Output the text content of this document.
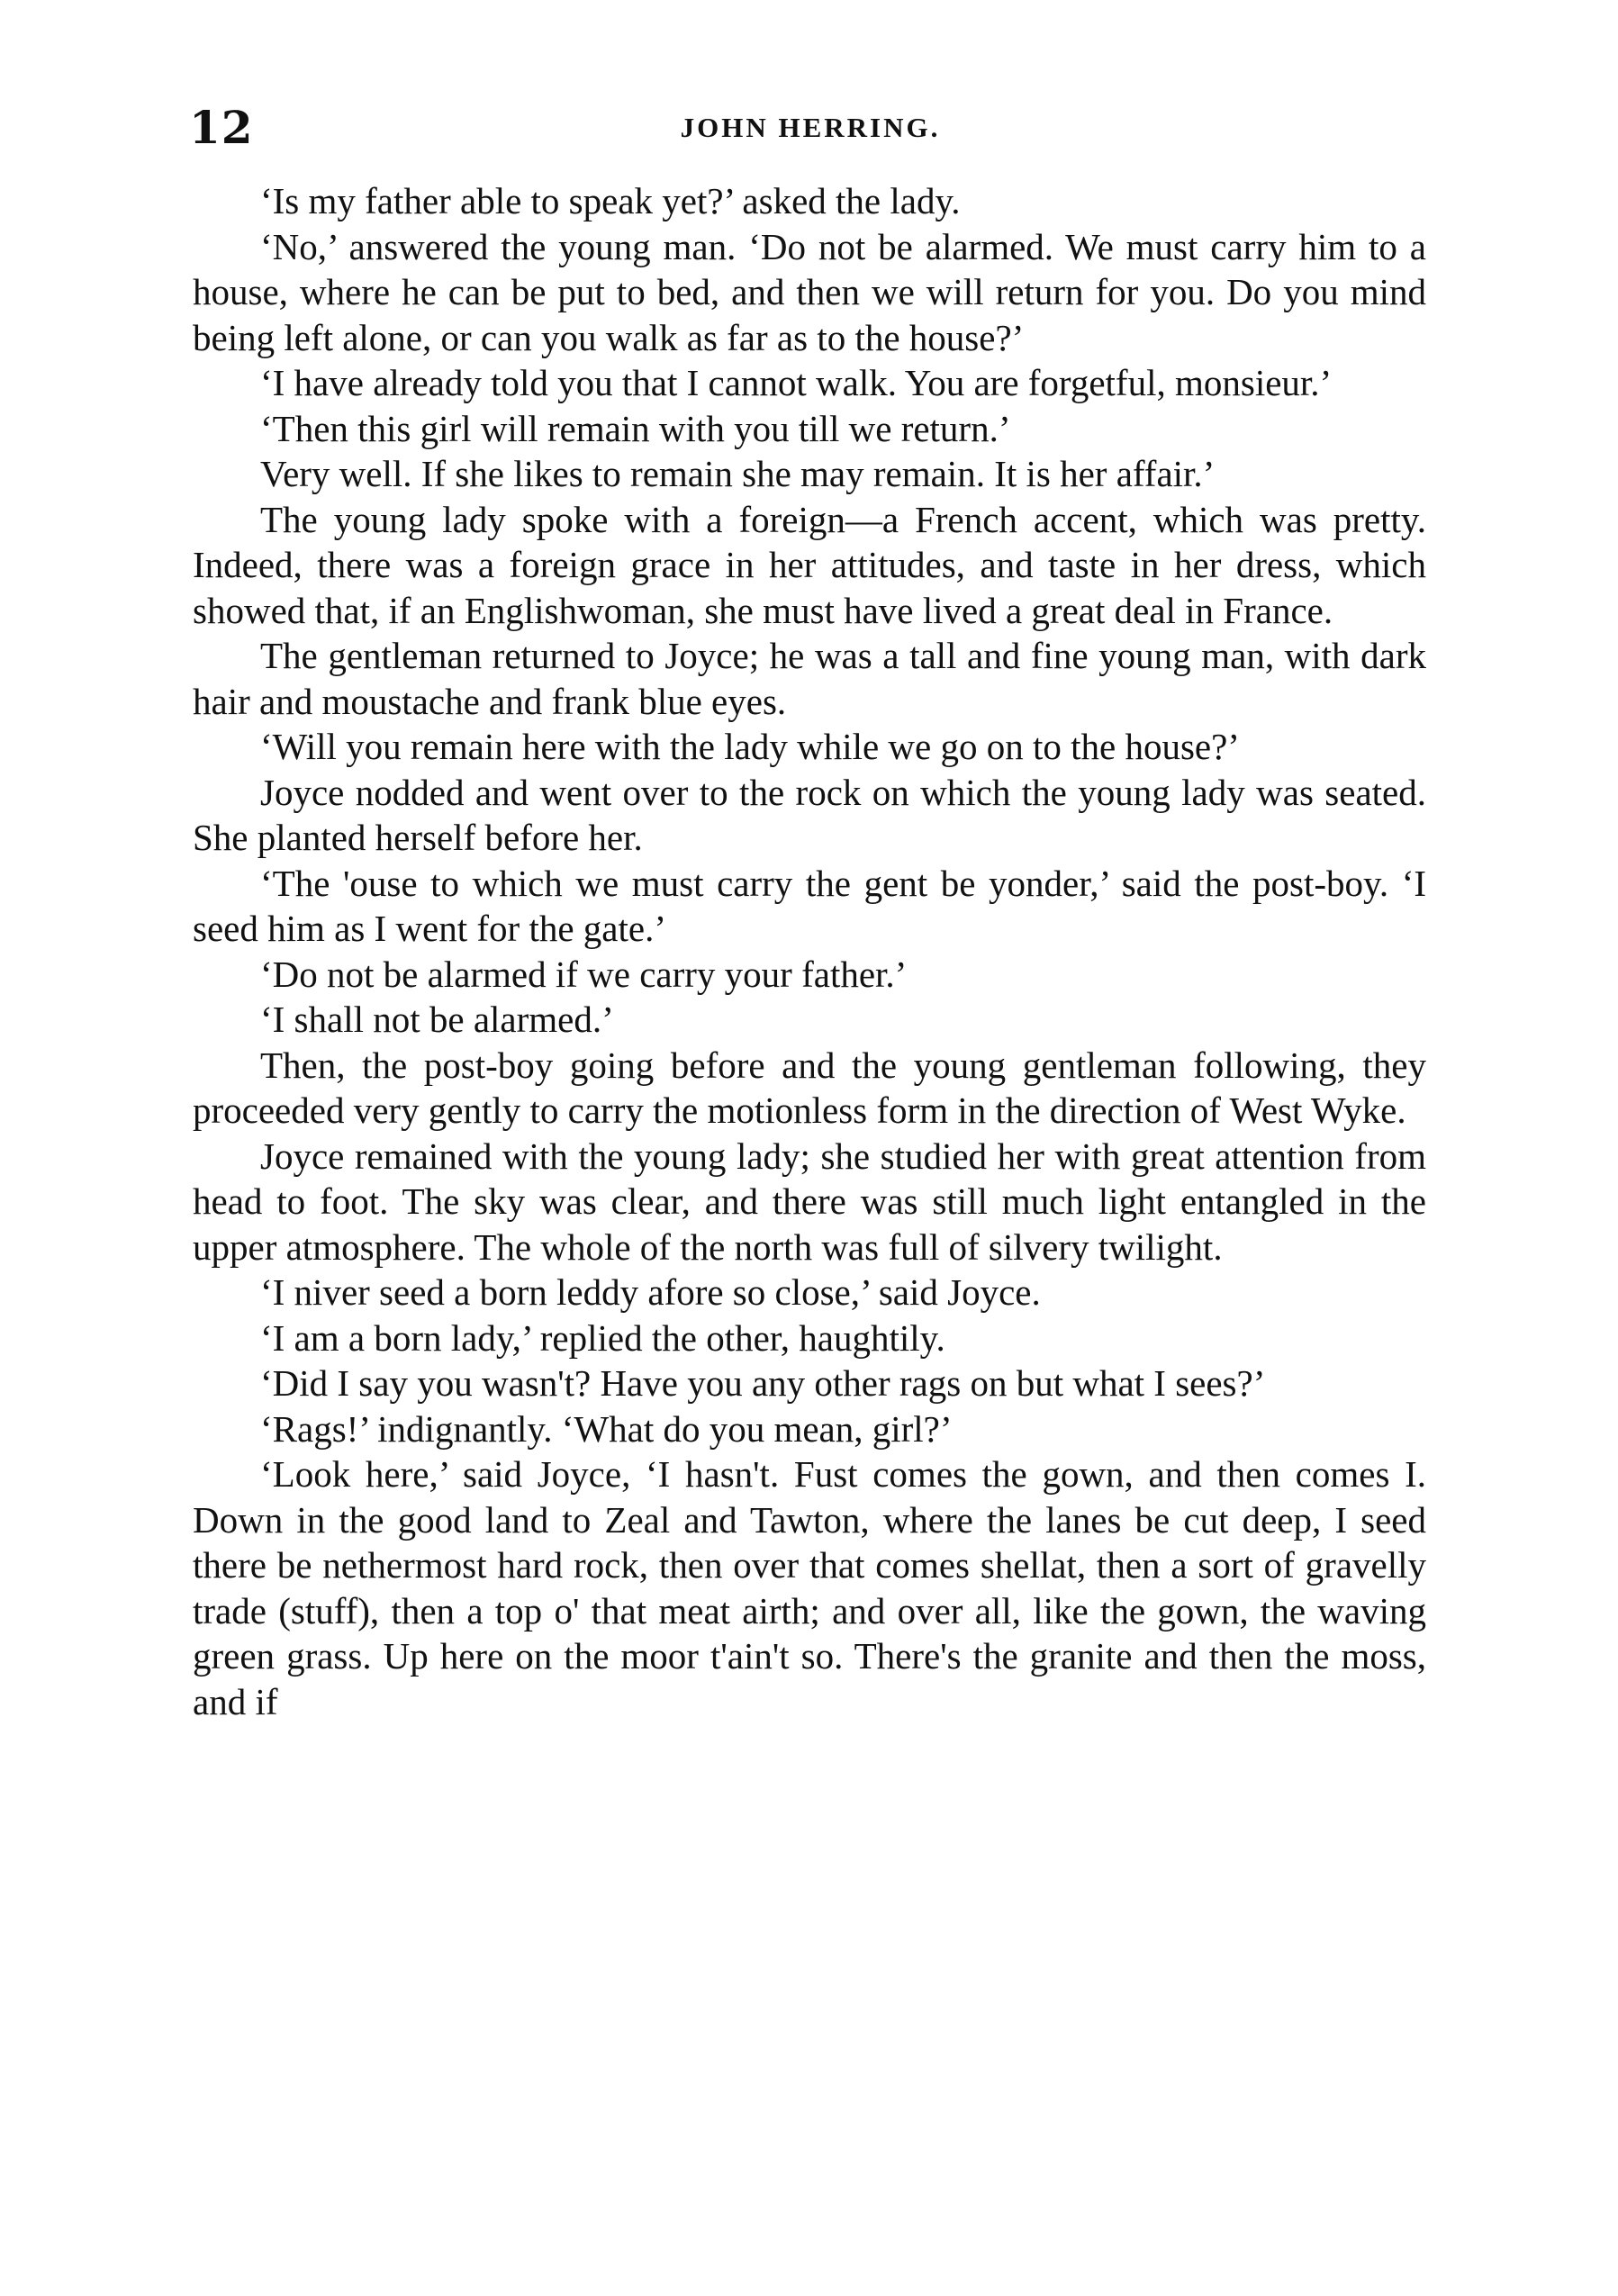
12	JOHN HERRING.

‘Is my father able to speak yet?’ asked the lady.

‘No,’ answered the young man. ‘Do not be alarmed. We must carry him to a house, where he can be put to bed, and then we will return for you. Do you mind being left alone, or can you walk as far as to the house?’

‘I have already told you that I cannot walk. You are forgetful, monsieur.’

‘Then this girl will remain with you till we return.’

Very well. If she likes to remain she may remain. It is her affair.’

The young lady spoke with a foreign—a French accent, which was pretty. Indeed, there was a foreign grace in her attitudes, and taste in her dress, which showed that, if an Englishwoman, she must have lived a great deal in France.

The gentleman returned to Joyce; he was a tall and fine young man, with dark hair and moustache and frank blue eyes.

‘Will you remain here with the lady while we go on to the house?’

Joyce nodded and went over to the rock on which the young lady was seated. She planted herself before her.

‘The 'ouse to which we must carry the gent be yonder,’ said the post-boy. ‘I seed him as I went for the gate.’

‘Do not be alarmed if we carry your father.’

‘I shall not be alarmed.’

Then, the post-boy going before and the young gentleman following, they proceeded very gently to carry the motionless form in the direction of West Wyke.

Joyce remained with the young lady; she studied her with great attention from head to foot. The sky was clear, and there was still much light entangled in the upper atmosphere. The whole of the north was full of silvery twilight.

‘I niver seed a born leddy afore so close,’ said Joyce.

‘I am a born lady,’ replied the other, haughtily.

‘Did I say you wasn't? Have you any other rags on but what I sees?’

‘Rags!’ indignantly. ‘What do you mean, girl?’

‘Look here,’ said Joyce, ‘I hasn't. Fust comes the gown, and then comes I. Down in the good land to Zeal and Tawton, where the lanes be cut deep, I seed there be nethermost hard rock, then over that comes shellat, then a sort of gravelly trade (stuff), then a top o' that meat airth; and over all, like the gown, the waving green grass. Up here on the moor t'ain't so. There's the granite and then the moss, and if
